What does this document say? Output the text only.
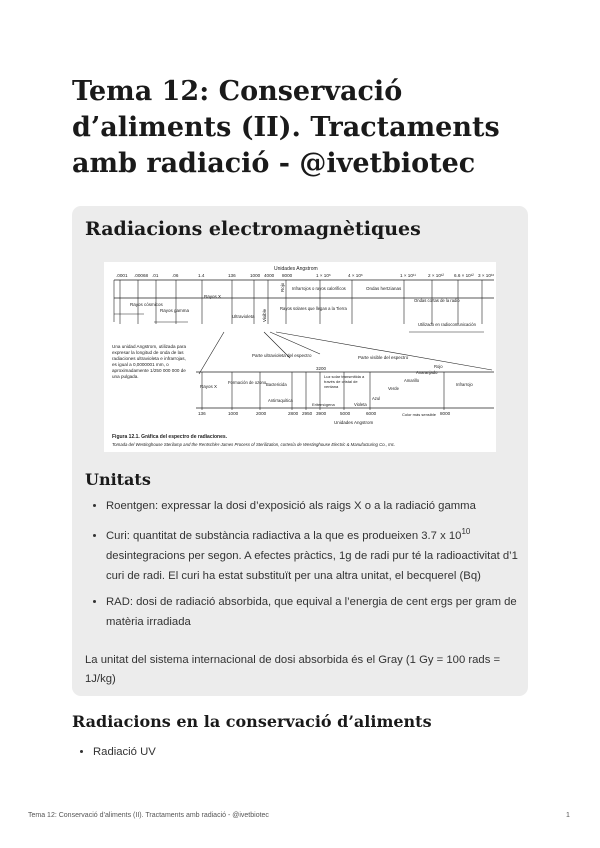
Tema 12: Conservació d’aliments (II). Tractaments amb radiació - @ivetbiotec
Radiacions electromagnètiques
Unidades Angstrom
.0001 .00068 .01	.06	1.4	136	1000 4000 8000	1 × 10⁶	4 × 10⁶	1 × 10¹¹	2 × 10¹² 6.6 × 10¹² 3 × 10¹⁶
Rayos cósmicos
Rayos gamma
Rayos X
Ultravioleta Visible
Rojo Infrarrojos o rayos caloríficos
Rayos solares que llegan a la Tierra
Ondas hertzianas
Ondas cortas de la radio
Utilizado en radiocomunicación
Una unidad Angstrom, utilizada para expresar la longitud de onda de las radiaciones ultravioleta e infrarrojas, es igual a 0,0000001 mm, o aproximadamente 1/250 000 000 de una pulgada.
Parte ultravioleta del espectro	Parte visible del espectro
3200
Rayos X
Formación de ozono Bactericida
Antirraquítica
Eritemógena
Luz solar transmitida a través de cristal de ventana
Violeta
Azul
Verde
Amarillo
Anaranjado
Rojo
Infrarrojo
Color más sensible
136	1000	2000	2800 2950 3900	5000	6000	8000
Unidades Angstrom
Figura 12.1. Gráfica del espectro de radiaciones.
Tomada del Westinghouse Sterilamp and the Rentschler-James Process of Sterilization, cortesía de Westinghouse Electric & Manufacturing Co., Inc.
Unitats
• Roentgen: expressar la dosi d’exposició als raigs X o a la radiació gamma
• Curi: quantitat de substància radiactiva a la que es produeixen 3.7 x $10^{10}$ desintegracions per segon. A efectes pràctics, 1g de radi pur té la radioactivitat d’1 curi de radi. El curi ha estat substituït per una altra unitat, el becquerel (Bq)
• RAD: dosi de radiació absorbida, que equival a l’energia de cent ergs per gram de matèria irradiada

La unitat del sistema internacional de dosi absorbida és el Gray (1 Gy = 100 rads = 1J/kg)

Radiacions en la conservació d’aliments
• Radiació UV
Tema 12: Conservació d’aliments (II). Tractaments amb radiació - @ivetbiotec	1
